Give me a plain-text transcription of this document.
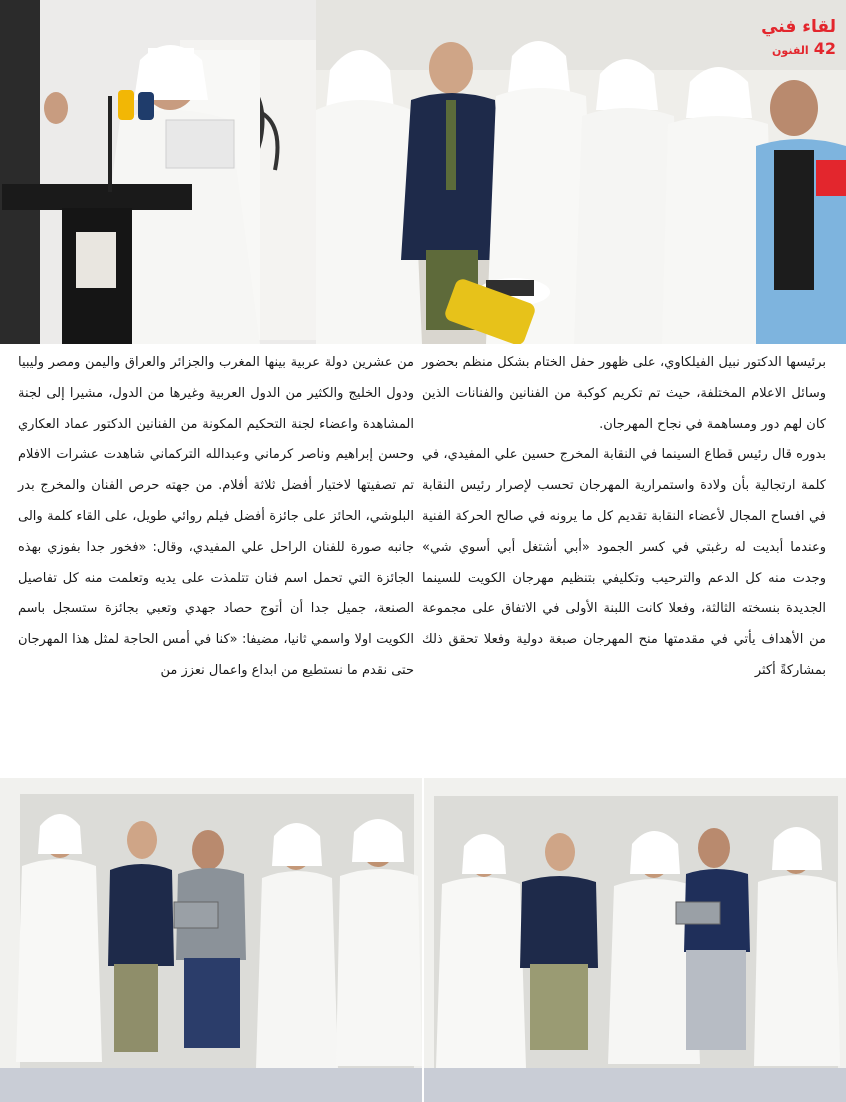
لقاء فني
42 الفنون

برئيسها الدكتور نبيل الفيلكاوي، على ظهور حفل الختام بشكل منظم بحضور وسائل الاعلام المختلفة، حيث تم تكريم كوكبة من الفنانين والفنانات الذين كان لهم دور ومساهمة في نجاح المهرجان.

بدوره قال رئيس قطاع السينما في النقابة المخرج حسين علي المفيدي، في كلمة ارتجالية بأن ولادة واستمرارية المهرجان تحسب لإصرار رئيس النقابة في افساح المجال لأعضاء النقابة تقديم كل ما يرونه في صالح الحركة الفنية وعندما أبديت له رغبتي في كسر الجمود «أبي أشتغل أبي أسوي شي» وجدت منه كل الدعم والترحيب وتكليفي بتنظيم مهرجان الكويت للسينما الجديدة بنسخته الثالثة، وفعلا كانت اللبنة الأولى في الاتفاق على مجموعة من الأهداف يأتي في مقدمتها منح المهرجان صبغة دولية وفعلا تحقق ذلك بمشاركةً أكثر

من عشرين دولة عربية بينها المغرب والجزائر والعراق واليمن ومصر وليبيا ودول الخليج والكثير من الدول العربية وغيرها من الدول، مشيرا إلى لجنة المشاهدة واعضاء لجنة التحكيم المكونة من الفنانين الدكتور عماد العكاري وحسن إبراهيم وناصر كرماني وعبدالله التركماني شاهدت عشرات الافلام تم تصفيتها لاختيار أفضل ثلاثة أفلام. من جهته حرص الفنان والمخرج بدر البلوشي، الحائز على جائزة أفضل فيلم روائي طويل، على القاء كلمة والى جانبه صورة للفنان الراحل علي المفيدي، وقال: «فخور جدا بفوزي بهذه الجائزة التي تحمل اسم فنان تتلمذت على يديه وتعلمت منه كل تفاصيل الصنعة، جميل جدا أن أتوج حصاد جهدي وتعبي بجائزة ستسجل باسم الكويت اولا واسمي ثانيا، مضيفا: «كنا في أمس الحاجة لمثل هذا المهرجان حتى نقدم ما نستطيع من ابداع واعمال نعزز من
